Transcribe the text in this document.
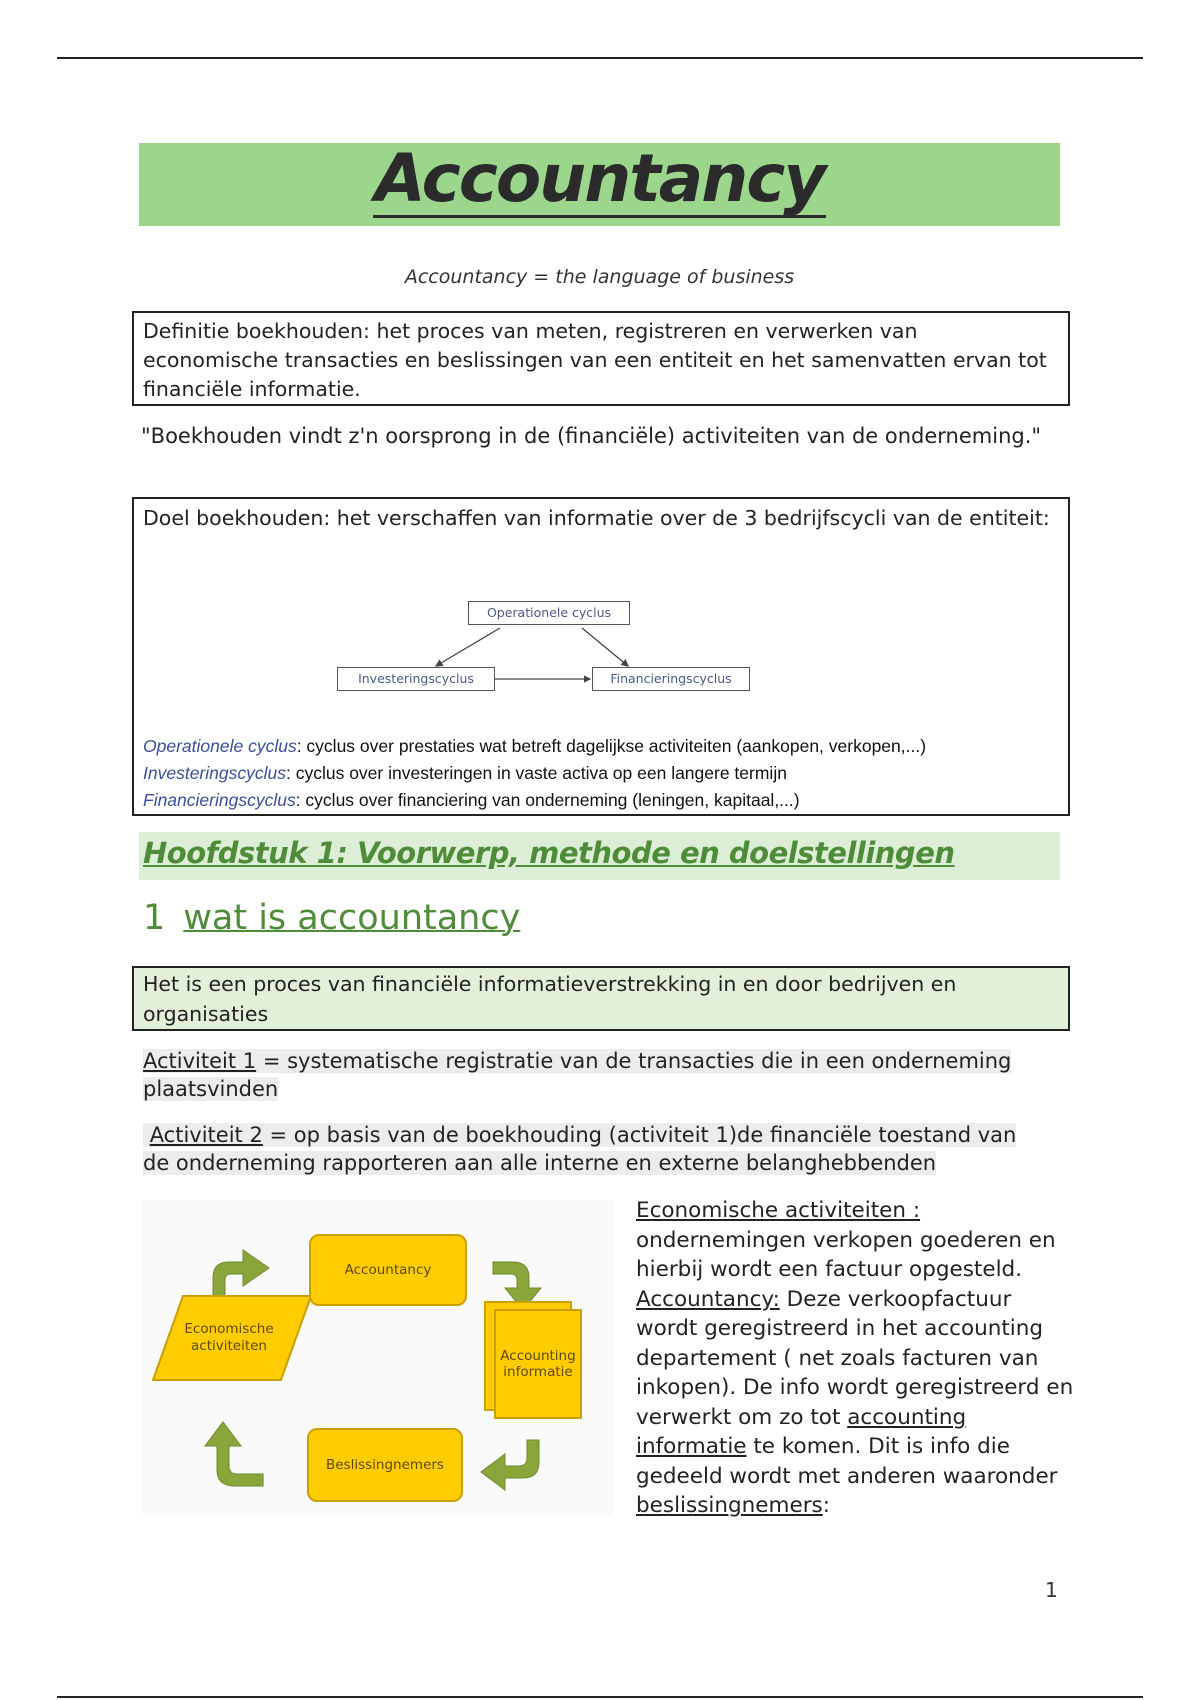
Accountancy
Accountancy = the language of business
Definitie boekhouden: het proces van meten, registreren en verwerken van economische transacties en beslissingen van een entiteit en het samenvatten ervan tot financiële informatie.
"Boekhouden vindt z'n oorsprong in de (financiële) activiteiten van de onderneming."
Doel boekhouden: het verschaffen van informatie over de 3 bedrijfscycli van de entiteit:
Operationele cyclus
Investeringscyclus	Financieringscyclus
Operationele cyclus: cyclus over prestaties wat betreft dagelijkse activiteiten (aankopen, verkopen,...)
Investeringscyclus: cyclus over investeringen in vaste activa op een langere termijn
Financieringscyclus: cyclus over financiering van onderneming (leningen, kapitaal,...)
Hoofdstuk 1: Voorwerp, methode en doelstellingen
1 wat is accountancy
Het is een proces van financiële informatieverstrekking in en door bedrijven en organisaties
Activiteit 1 = systematische registratie van de transacties die in een onderneming plaatsvinden
Activiteit 2 = op basis van de boekhouding (activiteit 1)de financiële toestand van de onderneming rapporteren aan alle interne en externe belanghebbenden
Accountancy
Accounting informatie
Beslissingnemers
Economische activiteiten
Economische activiteiten : ondernemingen verkopen goederen en hierbij wordt een factuur opgesteld. Accountancy: Deze verkoopfactuur wordt geregistreerd in het accounting departement ( net zoals facturen van inkopen). De info wordt geregistreerd en verwerkt om zo tot accounting informatie te komen. Dit is info die gedeeld wordt met anderen waaronder beslissingnemers:
1
